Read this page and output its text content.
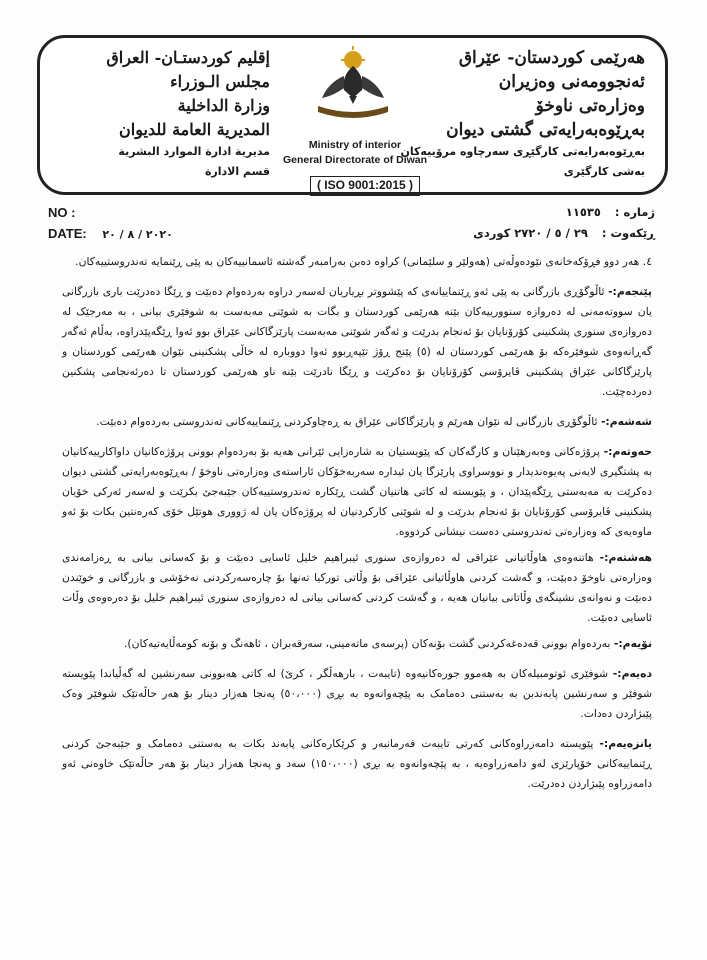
هەرێمی کوردستان- عێراق
ئەنجوومەنی وەزیران
وەزارەتی ناوخۆ
بەڕێوەبەرایەتی گشتی دیوان
بەڕێوەبەرایەتی کارگێڕی سەرچاوە مرۆییەکان
بەشی کارگێری
Ministry of interior
General Directorate of Diwan
( ISO 9001:2015 )
إقليم كوردستـان- العراق
مجلس الـوزراء
وزارة الداخلية
المديرية العامة للديوان
مديرية ادارة الموارد البشرية
قسم الادارة
NO :
DATE: ٢٠٢٠ / ٨ / ٢٠
ژمارە : ١١٥٣٥
ڕێکەوت : ٢٩ / ٥ / ٢٧٢٠ کوردی

٤. هەر دوو فڕۆکەخانەی نێودەوڵەتی (هەولێر و سلێمانی) کراوە دەبن بەرامبەر گەشتە ئاسمانییەکان بە پێی ڕێنمایە تەندروستییەکان.

پێنجەم:- ئاڵوگۆڕی بازرگانی بە پێی ئەو ڕێنماییانەی کە پێشووتر بڕیاریان لەسەر دراوە بەردەوام دەبێت و ڕێگا دەدرێت باری بازرگانی یان سووتەمەنی لە دەروازە سنوورییەکان بێنە هەرێمی کوردستان و بگات بە شوێنی مەبەست بە شوفێری بیانی ، بە مەرجێک لە دەروازەی سنوری پشکنینی کۆرۆنایان بۆ ئەنجام بدرێت و ئەگەر شوێنی مەبەست پارێزگاکانی عێراق بوو ئەوا ڕێگەپێدراوە، بەڵام ئەگەر گەڕانەوەی شوفێرەکە بۆ هەرێمی کوردستان لە (٥) پێنج ڕۆژ تێپەڕبوو ئەوا دووبارە لە خاڵی پشکنینی نێوان هەرێمی کوردستان و پارێزگاکانی عێراق پشکنینی ڤایرۆسی کۆرۆنایان بۆ دەکرێت و ڕێگا نادرێت بێنە ناو هەرێمی کوردستان تا دەرئەنجامی پشکنین دەردەچێت.

شەشەم:- ئاڵوگۆڕی بازرگانی لە نێوان هەرێم و پارێزگاکانی عێراق بە ڕەچاوکردنی ڕێنماییەکانی تەندروستی بەردەوام دەبێت.

حەوتەم:- پرۆژەکانی وەبەرهێنان و کارگەکان کە پێویستیان بە شارەزایی ئێرانی هەیە بۆ بەردەوام بوونی پرۆژەکانیان داواکارییەکانیان بە پشتگیری لایەنی پەیوەندیدار و نووسراوی پارێزگا یان ئیدارە سەربەخۆکان ئاراستەی وەزارەتی ناوخۆ / بەڕێوەبەرایەتی گشتی دیوان دەکرێت بە مەبەستی ڕێگەپێدان ، و پێویستە لە کاتی هاتنیان گشت ڕێکارە تەندروستییەکان جێبەجێ بکرێت و لەسەر ئەرکی خۆیان پشکنینی ڤایرۆسی کۆرۆنایان بۆ ئەنجام بدرێت و لە شوێنی کارکردنیان لە پرۆژەکان یان لە ژووری هوتێل خۆی کەرەنتین بکات بۆ ئەو ماوەیەی کە وەزارەتی تەندروستی دەست نیشانی کردووە.

هەشتەم:- هاتنەوەی هاوڵاتیانی عێراقی لە دەروازەی سنوری ئیبراهیم خلیل ئاسایی دەبێت و بۆ کەسانی بیانی بە ڕەزامەندی وەزارەتی ناوخۆ دەبێت، و گەشت کردنی هاوڵاتیانی عێراقی بۆ وڵاتی تورکیا تەنها بۆ چارەسەرکردنی نەخۆشی و بازرگانی و خوێندن دەبێت و نەوانەی نشینگەی وڵاتانی بیانیان هەیە ، و گەشت کردنی کەسانی بیانی لە دەروازەی سنوری ئیبراهیم خلیل بۆ دەرەوەی وڵات ئاسایی دەبێت.

نۆیەم:- بەردەوام بوونی قەدەغەکردنی گشت بۆنەکان (پرسەی ماتەمینی، سەرقەبران ، ئاهەنگ و بۆنە کومەڵایەتیەکان).

دەیەم:- شوفێری ئوتومبیلەکان بە هەموو جورەکانیەوە (تایبەت ، بارهەڵگر ، کرێ) لە کاتی هەبوونی سەرنشین لە گەڵیاندا پێویستە شوفێر و سەرنشین پابەندبن بە بەستنی دەمامک بە پێچەوانەوە بە بڕی (٥٠،٠٠٠) پەنجا هەزار دینار بۆ هەر حاڵەتێک شوفێر وەک پێبژاردن دەدات.

یانزەیەم:- پێویستە دامەزراوەکانی کەرتی تایبەت فەرمانبەر و کرێکارەکانی پابەند بکات بە بەستنی دەمامک و جێبەجێ کردنی ڕێنماییەکانی خۆپارێزی لەو دامەزراوەیە ، بە پێچەوانەوە بە بڕی (١٥٠،٠٠٠) سەد و پەنجا هەزار دینار بۆ هەر حاڵەتێک خاوەنی ئەو دامەزراوە پێبژاردن دەدرێت.
